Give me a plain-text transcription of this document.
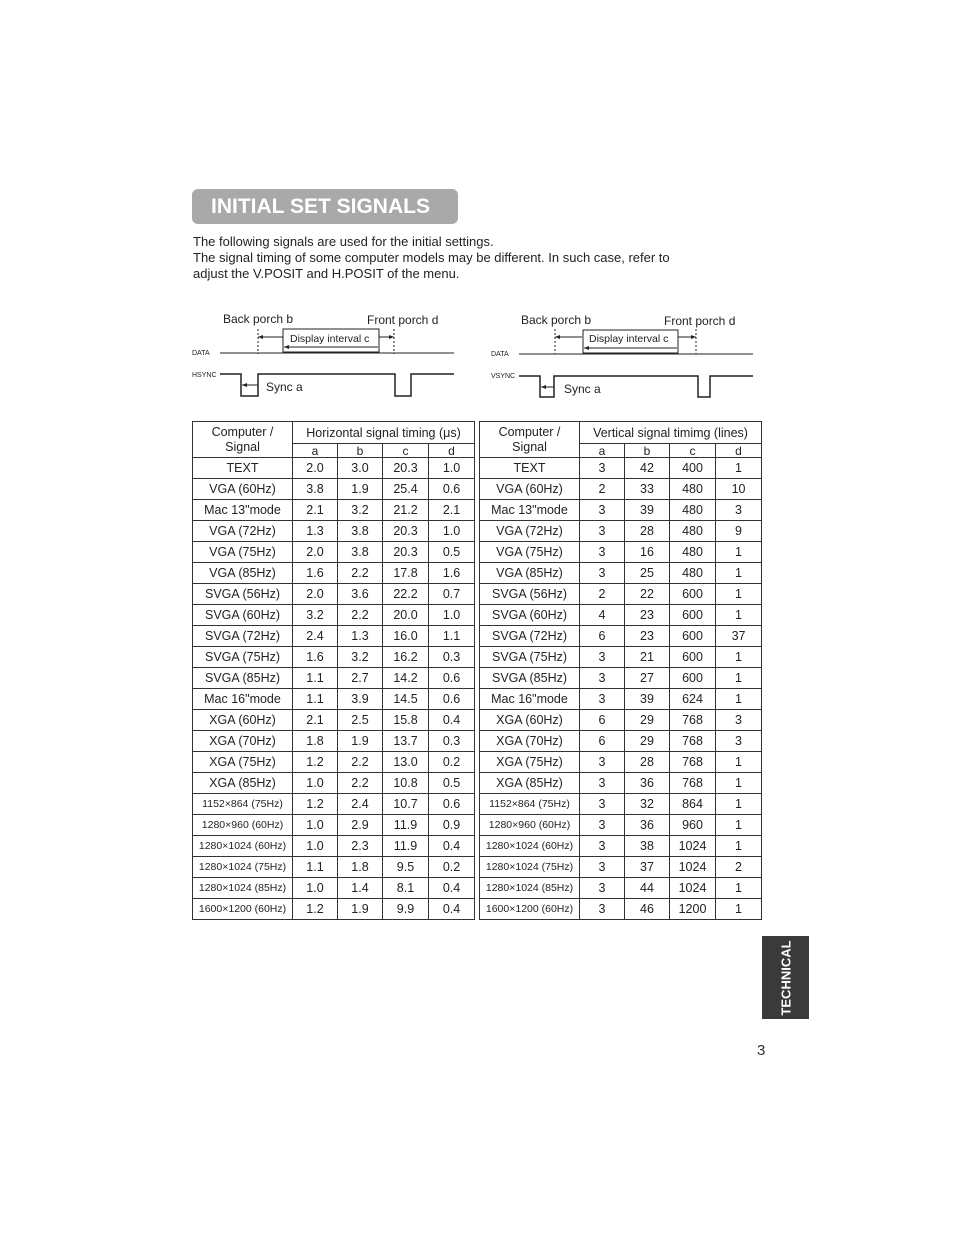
INITIAL SET SIGNALS
The following signals are used for the initial settings.
The signal timing of some computer models may be different. In such case, refer to
adjust the V.POSIT and H.POSIT of the menu.
Back porch b	Front porch d
Display interval c
DATA
HSYNC
Sync a
Back porch b	Front porch d
Display interval c
DATA
VSYNC
Sync a
Computer / Signal	Horizontal signal timing (μs)			
	a	b	c	d
TEXT	2.0	3.0	20.3	1.0
VGA (60Hz)	3.8	1.9	25.4	0.6
Mac 13"mode	2.1	3.2	21.2	2.1
VGA (72Hz)	1.3	3.8	20.3	1.0
VGA (75Hz)	2.0	3.8	20.3	0.5
VGA (85Hz)	1.6	2.2	17.8	1.6
SVGA (56Hz)	2.0	3.6	22.2	0.7
SVGA (60Hz)	3.2	2.2	20.0	1.0
SVGA (72Hz)	2.4	1.3	16.0	1.1
SVGA (75Hz)	1.6	3.2	16.2	0.3
SVGA (85Hz)	1.1	2.7	14.2	0.6
Mac 16"mode	1.1	3.9	14.5	0.6
XGA (60Hz)	2.1	2.5	15.8	0.4
XGA (70Hz)	1.8	1.9	13.7	0.3
XGA (75Hz)	1.2	2.2	13.0	0.2
XGA (85Hz)	1.0	2.2	10.8	0.5
1152×864 (75Hz)	1.2	2.4	10.7	0.6
1280×960 (60Hz)	1.0	2.9	11.9	0.9
1280×1024 (60Hz)	1.0	2.3	11.9	0.4
1280×1024 (75Hz)	1.1	1.8	9.5	0.2
1280×1024 (85Hz)	1.0	1.4	8.1	0.4
1600×1200 (60Hz)	1.2	1.9	9.9	0.4
Computer / Signal	Vertical signal timimg (lines)			
	a	b	c	d
TEXT	3	42	400	1
VGA (60Hz)	2	33	480	10
Mac 13"mode	3	39	480	3
VGA (72Hz)	3	28	480	9
VGA (75Hz)	3	16	480	1
VGA (85Hz)	3	25	480	1
SVGA (56Hz)	2	22	600	1
SVGA (60Hz)	4	23	600	1
SVGA (72Hz)	6	23	600	37
SVGA (75Hz)	3	21	600	1
SVGA (85Hz)	3	27	600	1
Mac 16"mode	3	39	624	1
XGA (60Hz)	6	29	768	3
XGA (70Hz)	6	29	768	3
XGA (75Hz)	3	28	768	1
XGA (85Hz)	3	36	768	1
1152×864 (75Hz)	3	32	864	1
1280×960 (60Hz)	3	36	960	1
1280×1024 (60Hz)	3	38	1024	1
1280×1024 (75Hz)	3	37	1024	2
1280×1024 (85Hz)	3	44	1024	1
1600×1200 (60Hz)	3	46	1200	1
TECHNICAL
3
